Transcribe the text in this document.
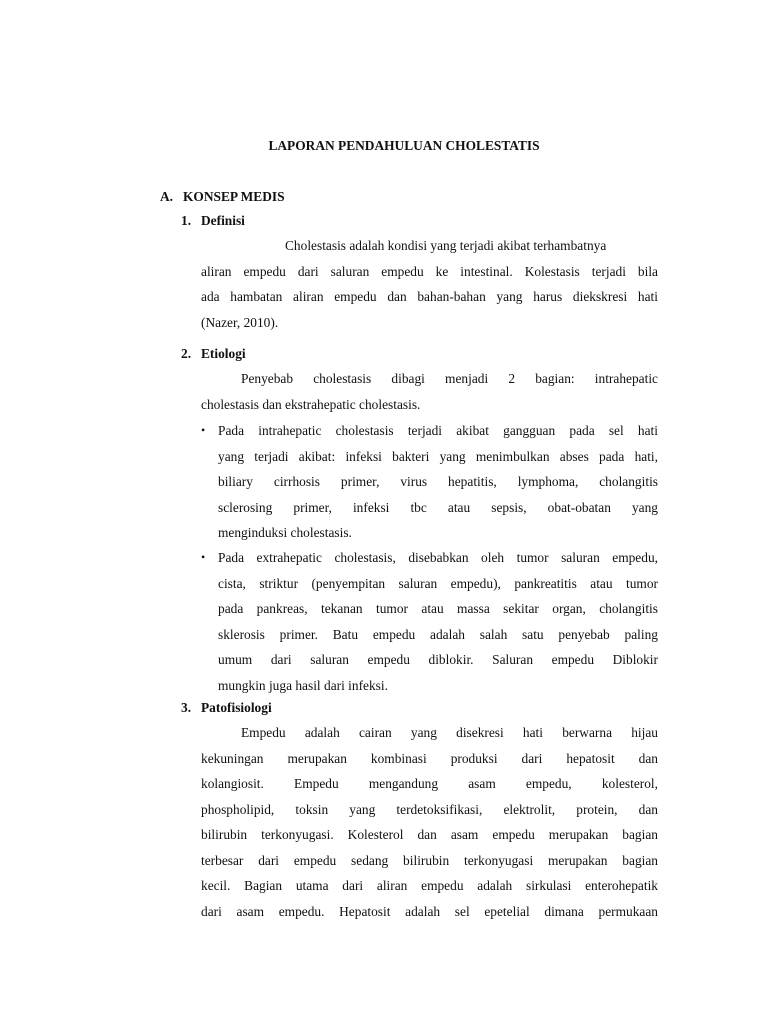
LAPORAN PENDAHULUAN CHOLESTATIS
A. KONSEP MEDIS
1. Definisi
Cholestasis adalah kondisi yang terjadi akibat terhambatnya
aliran empedu dari saluran empedu ke intestinal. Kolestasis terjadi bila
ada hambatan aliran empedu dan bahan-bahan yang harus diekskresi hati
(Nazer, 2010).
2. Etiologi
Penyebab cholestasis dibagi menjadi 2 bagian: intrahepatic
cholestasis dan ekstrahepatic cholestasis.
• Pada intrahepatic cholestasis terjadi akibat gangguan pada sel hati
yang terjadi akibat: infeksi bakteri yang menimbulkan abses pada hati,
biliary cirrhosis primer, virus hepatitis, lymphoma, cholangitis
sclerosing primer, infeksi tbc atau sepsis, obat-obatan yang
menginduksi cholestasis.
• Pada extrahepatic cholestasis, disebabkan oleh tumor saluran empedu,
cista, striktur (penyempitan saluran empedu), pankreatitis atau tumor
pada pankreas, tekanan tumor atau massa sekitar organ, cholangitis
sklerosis primer. Batu empedu adalah salah satu penyebab paling
umum dari saluran empedu diblokir. Saluran empedu Diblokir
mungkin juga hasil dari infeksi.
3. Patofisiologi
Empedu adalah cairan yang disekresi hati berwarna hijau
kekuningan merupakan kombinasi produksi dari hepatosit dan
kolangiosit. Empedu mengandung asam empedu, kolesterol,
phospholipid, toksin yang terdetoksifikasi, elektrolit, protein, dan
bilirubin terkonyugasi. Kolesterol dan asam empedu merupakan bagian
terbesar dari empedu sedang bilirubin terkonyugasi merupakan bagian
kecil. Bagian utama dari aliran empedu adalah sirkulasi enterohepatik
dari asam empedu. Hepatosit adalah sel epetelial dimana permukaan
